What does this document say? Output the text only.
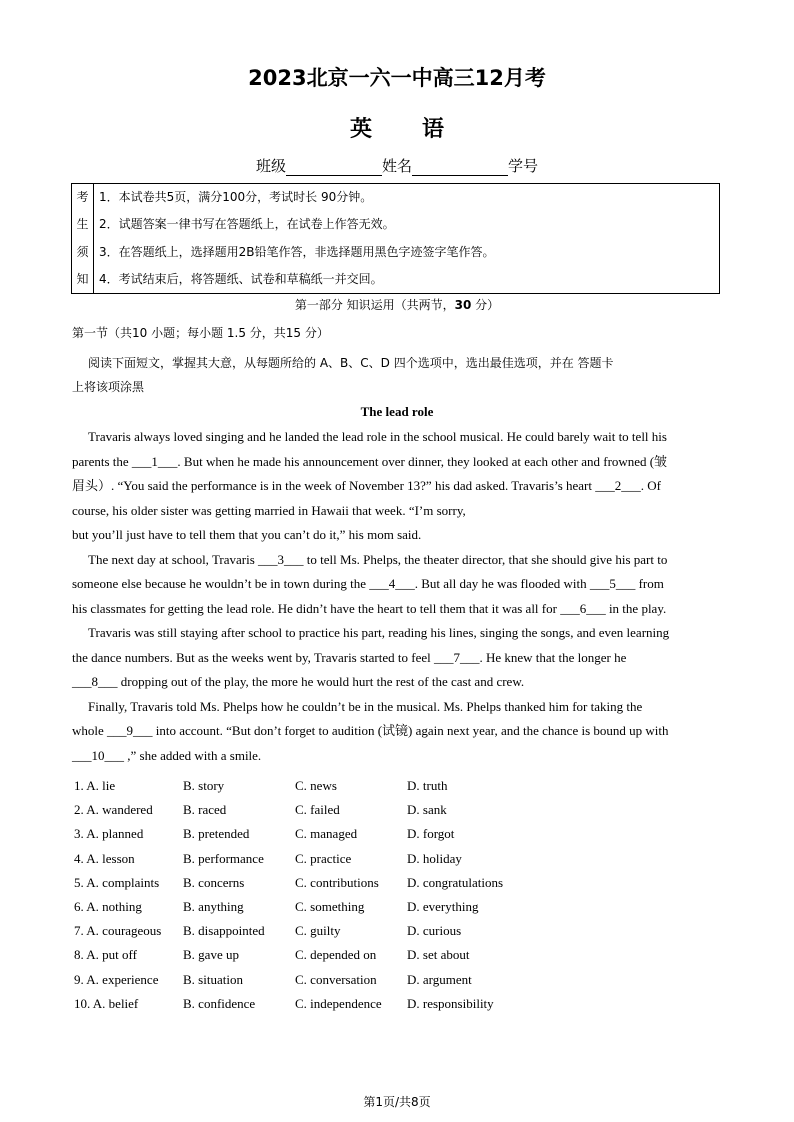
2023北京一六一中高三12月考
英 语
班级	姓名	学号
考
生
须
知
1．本试卷共5页，满分100分，考试时长 90分钟。
2．试题答案一律书写在答题纸上，在试卷上作答无效。
3．在答题纸上，选择题用2B铅笔作答，非选择题用黑色字迹签字笔作答。
4．考试结束后，将答题纸、试卷和草稿纸一并交回。
第一部分 知识运用（共两节，30 分）
第一节（共10 小题；每小题 1.5 分，共15 分）
阅读下面短文，掌握其大意，从每题所给的 A、B、C、D 四个选项中，选出最佳选项，并在 答题卡
上将该项涂黑
The lead role
Travaris always loved singing and he landed the lead role in the school musical. He could barely wait to tell his
parents the ___1___. But when he made his announcement over dinner, they looked at each other and frowned (皱
眉头）. “You said the performance is in the week of November 13?” his dad asked. Travaris’s heart ___2___. Of
course, his older sister was getting married in Hawaii that week. “I’m sorry,
but you’ll just have to tell them that you can’t do it,” his mom said.
The next day at school, Travaris ___3___ to tell Ms. Phelps, the theater director, that she should give his part to
someone else because he wouldn’t be in town during the ___4___. But all day he was flooded with ___5___ from
his classmates for getting the lead role. He didn’t have the heart to tell them that it was all for ___6___ in the play.
Travaris was still staying after school to practice his part, reading his lines, singing the songs, and even learning
the dance numbers. But as the weeks went by, Travaris started to feel ___7___. He knew that the longer he
___8___ dropping out of the play, the more he would hurt the rest of the cast and crew.
Finally, Travaris told Ms. Phelps how he couldn’t be in the musical. Ms. Phelps thanked him for taking the
whole ___9___ into account. “But don’t forget to audition (试镜) again next year, and the chance is bound up with
___10___ ,” she added with a smile.
1. A. lie	B. story	C. news	D. truth
2. A. wandered B. raced	C. failed	D. sank
3. A. planned	B. pretended	C. managed	D. forgot
4. A. lesson	B. performance C. practice	D. holiday
5. A. complaints B. concerns	C. contributions D. congratulations
6. A. nothing	B. anything	C. something	D. everything
7. A. courageous B. disappointed C. guilty	D. curious
8. A. put off	B. gave up	C. depended on D. set about
9. A. experience B. situation	C. conversation D. argument
10. A. belief	B. confidence	C. independence D. responsibility
第1页/共8页
